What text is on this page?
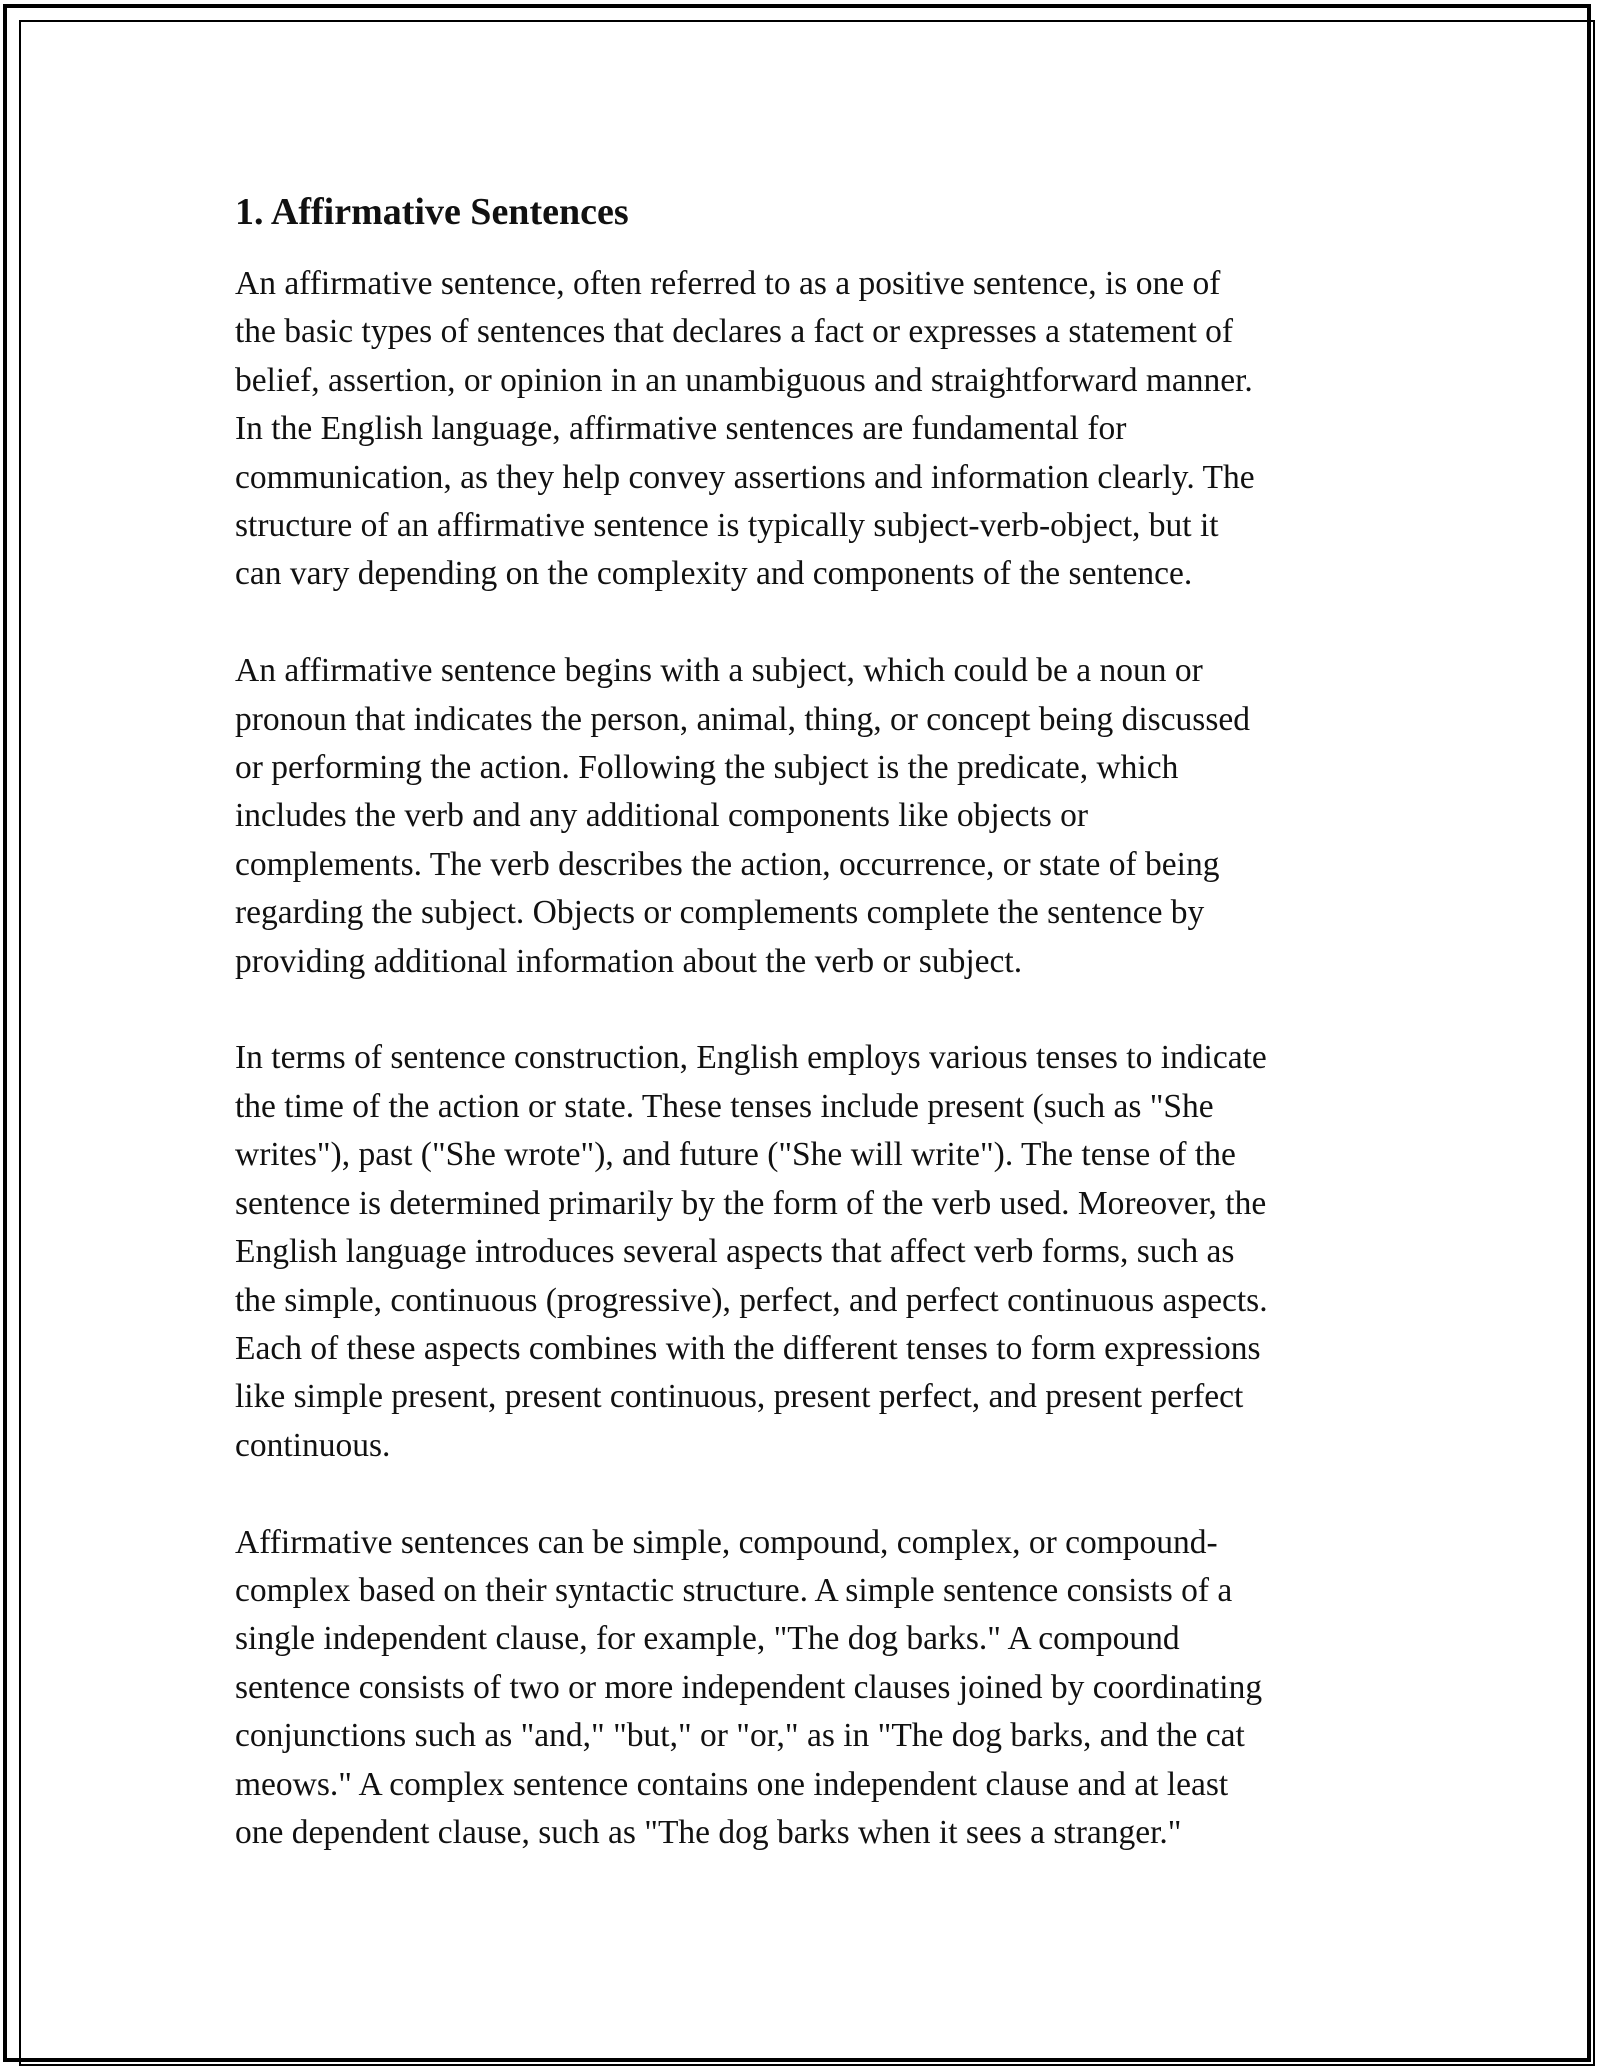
1. Affirmative Sentences
An affirmative sentence, often referred to as a positive sentence, is one of
the basic types of sentences that declares a fact or expresses a statement of
belief, assertion, or opinion in an unambiguous and straightforward manner.
In the English language, affirmative sentences are fundamental for
communication, as they help convey assertions and information clearly. The
structure of an affirmative sentence is typically subject-verb-object, but it
can vary depending on the complexity and components of the sentence.
An affirmative sentence begins with a subject, which could be a noun or
pronoun that indicates the person, animal, thing, or concept being discussed
or performing the action. Following the subject is the predicate, which
includes the verb and any additional components like objects or
complements. The verb describes the action, occurrence, or state of being
regarding the subject. Objects or complements complete the sentence by
providing additional information about the verb or subject.
In terms of sentence construction, English employs various tenses to indicate
the time of the action or state. These tenses include present (such as "She
writes"), past ("She wrote"), and future ("She will write"). The tense of the
sentence is determined primarily by the form of the verb used. Moreover, the
English language introduces several aspects that affect verb forms, such as
the simple, continuous (progressive), perfect, and perfect continuous aspects.
Each of these aspects combines with the different tenses to form expressions
like simple present, present continuous, present perfect, and present perfect
continuous.
Affirmative sentences can be simple, compound, complex, or compound-
complex based on their syntactic structure. A simple sentence consists of a
single independent clause, for example, "The dog barks." A compound
sentence consists of two or more independent clauses joined by coordinating
conjunctions such as "and," "but," or "or," as in "The dog barks, and the cat
meows." A complex sentence contains one independent clause and at least
one dependent clause, such as "The dog barks when it sees a stranger."
